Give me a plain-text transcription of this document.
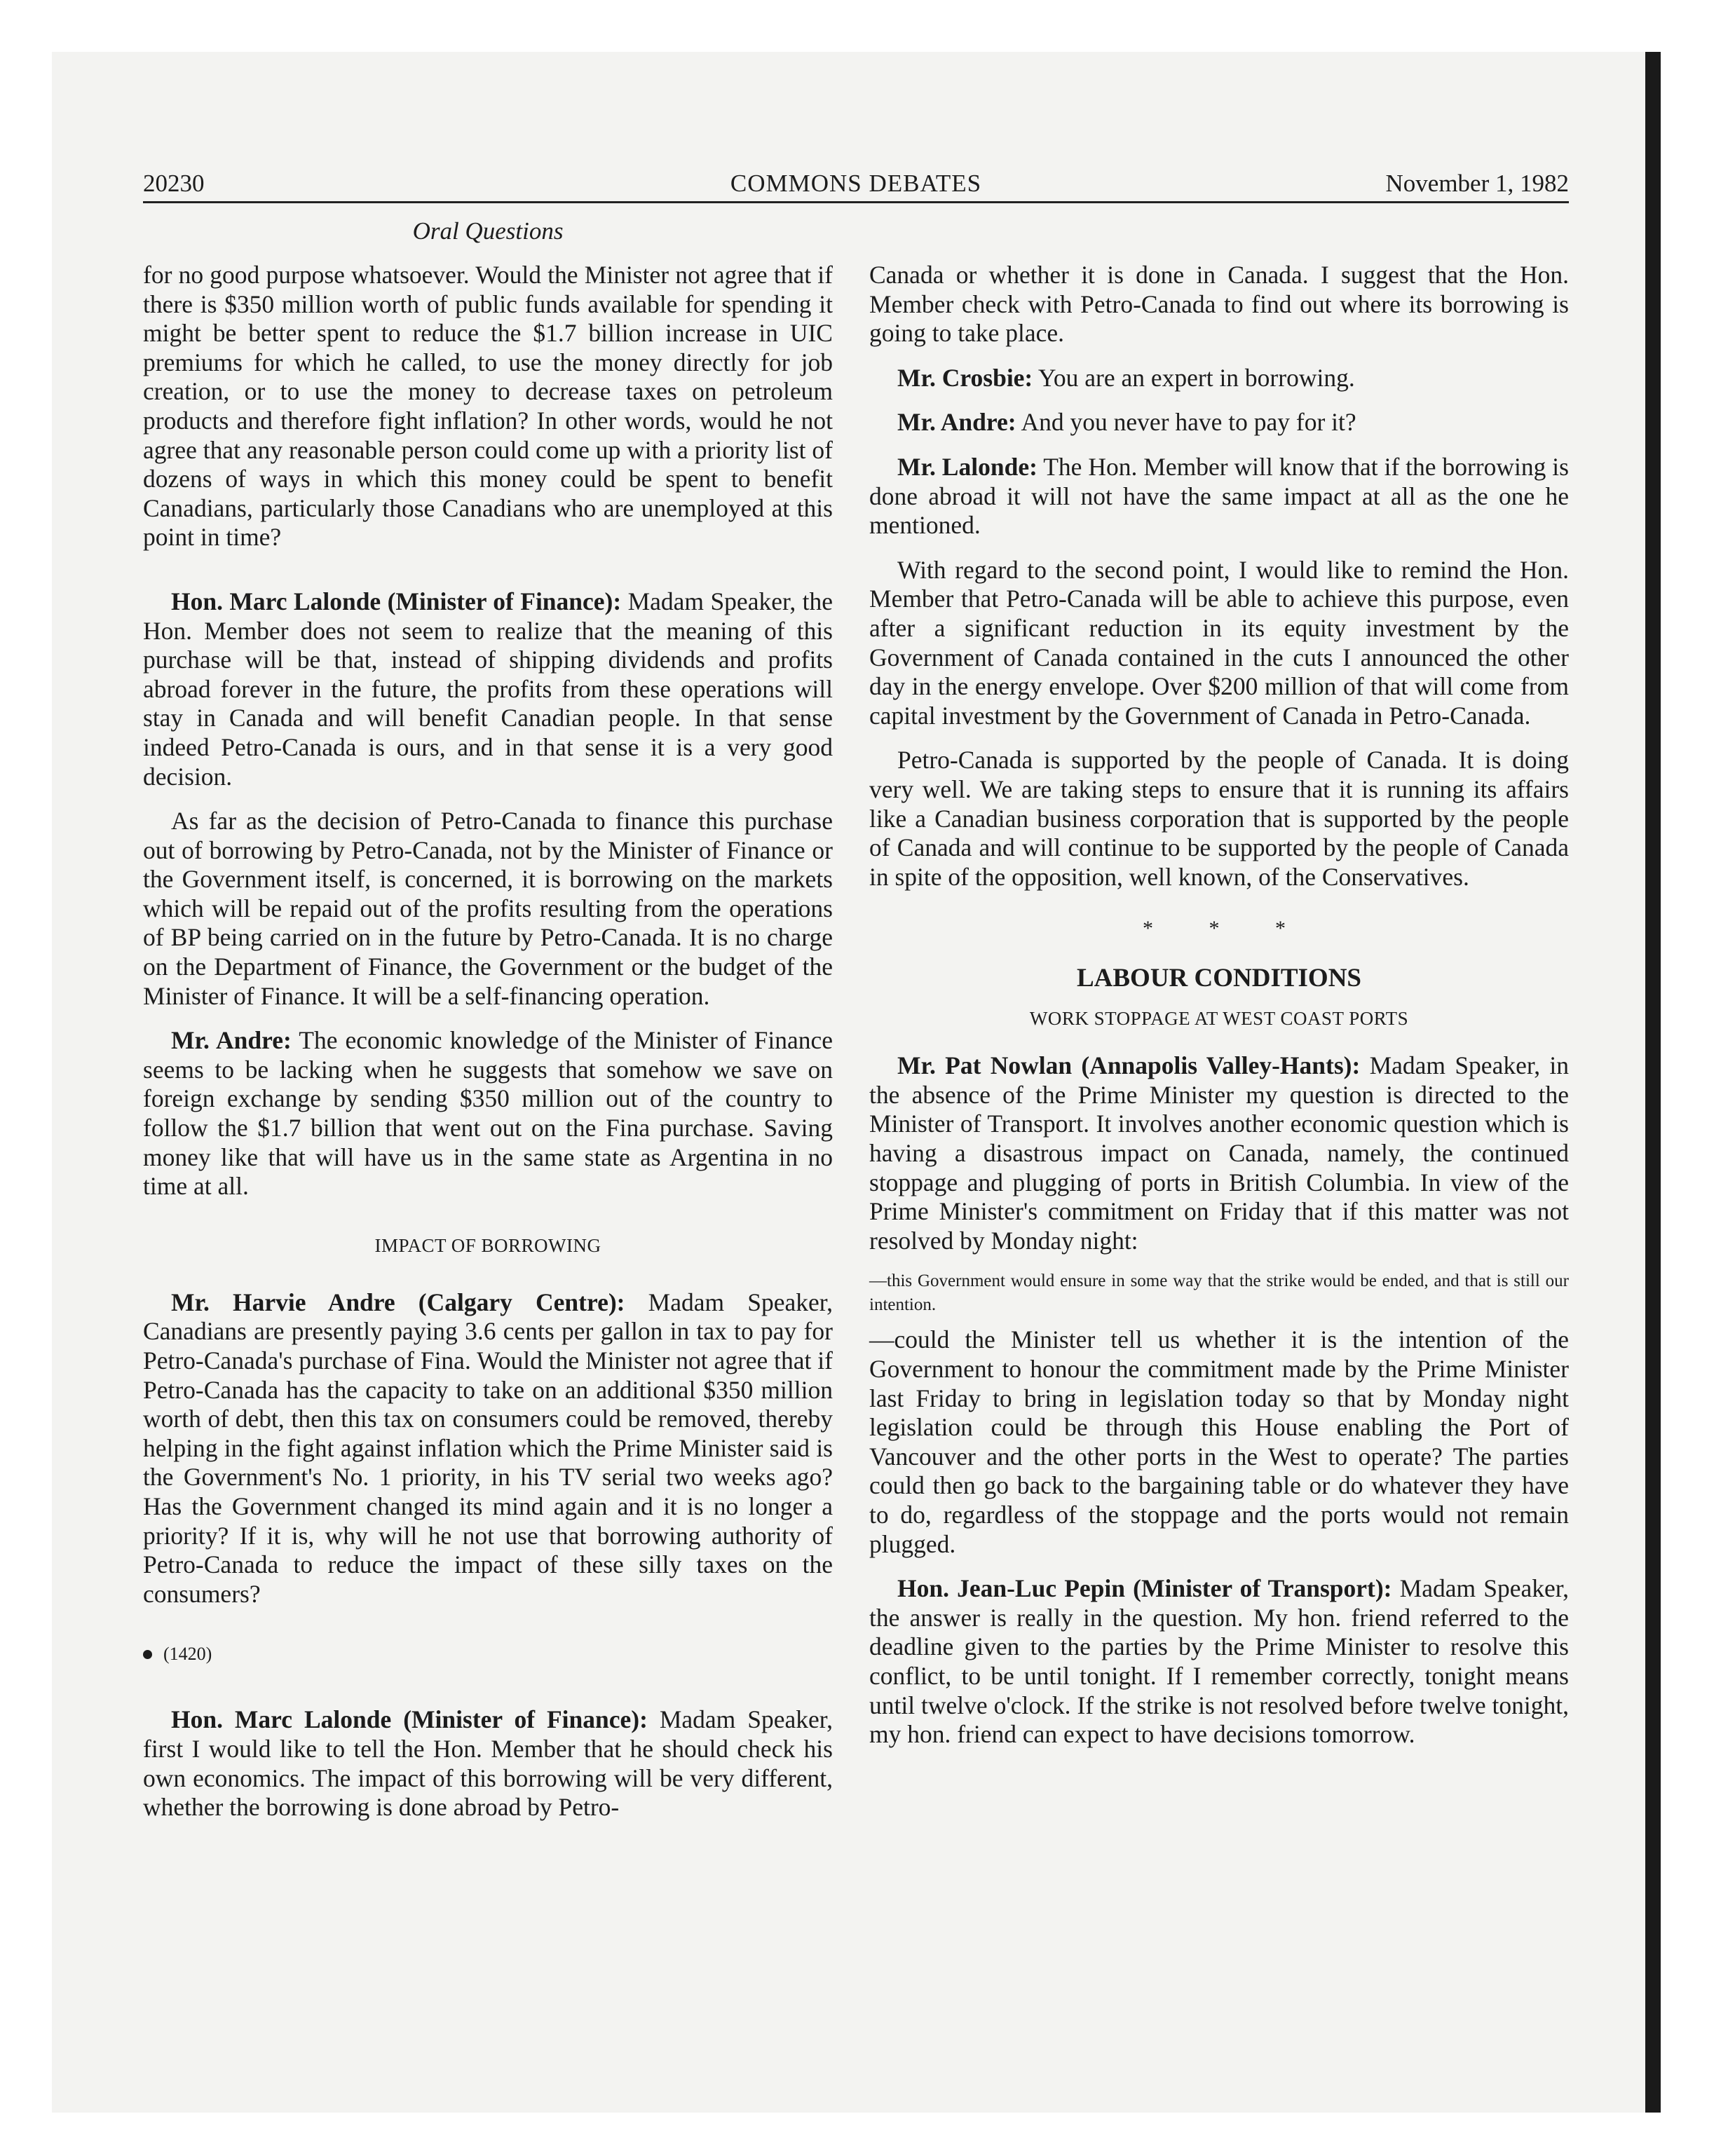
20230	COMMONS DEBATES	November 1, 1982
Oral Questions

for no good purpose whatsoever. Would the Minister not agree that if there is $350 million worth of public funds available for spending it might be better spent to reduce the $1.7 billion increase in UIC premiums for which he called, to use the money directly for job creation, or to use the money to decrease taxes on petroleum products and therefore fight inflation? In other words, would he not agree that any reasonable person could come up with a priority list of dozens of ways in which this money could be spent to benefit Canadians, particularly those Canadians who are unemployed at this point in time?

Hon. Marc Lalonde (Minister of Finance): Madam Speaker, the Hon. Member does not seem to realize that the meaning of this purchase will be that, instead of shipping dividends and profits abroad forever in the future, the profits from these operations will stay in Canada and will benefit Canadian people. In that sense indeed Petro-Canada is ours, and in that sense it is a very good decision.

As far as the decision of Petro-Canada to finance this purchase out of borrowing by Petro-Canada, not by the Minister of Finance or the Government itself, is concerned, it is borrowing on the markets which will be repaid out of the profits resulting from the operations of BP being carried on in the future by Petro-Canada. It is no charge on the Department of Finance, the Government or the budget of the Minister of Finance. It will be a self-financing operation.

Mr. Andre: The economic knowledge of the Minister of Finance seems to be lacking when he suggests that somehow we save on foreign exchange by sending $350 million out of the country to follow the $1.7 billion that went out on the Fina purchase. Saving money like that will have us in the same state as Argentina in no time at all.

IMPACT OF BORROWING

Mr. Harvie Andre (Calgary Centre): Madam Speaker, Canadians are presently paying 3.6 cents per gallon in tax to pay for Petro-Canada's purchase of Fina. Would the Minister not agree that if Petro-Canada has the capacity to take on an additional $350 million worth of debt, then this tax on consumers could be removed, thereby helping in the fight against inflation which the Prime Minister said is the Government's No. 1 priority, in his TV serial two weeks ago? Has the Government changed its mind again and it is no longer a priority? If it is, why will he not use that borrowing authority of Petro-Canada to reduce the impact of these silly taxes on the consumers?

(1420)

Hon. Marc Lalonde (Minister of Finance): Madam Speaker, first I would like to tell the Hon. Member that he should check his own economics. The impact of this borrowing will be very different, whether the borrowing is done abroad by Petro-

Canada or whether it is done in Canada. I suggest that the Hon. Member check with Petro-Canada to find out where its borrowing is going to take place.

Mr. Crosbie: You are an expert in borrowing.

Mr. Andre: And you never have to pay for it?

Mr. Lalonde: The Hon. Member will know that if the borrowing is done abroad it will not have the same impact at all as the one he mentioned.

With regard to the second point, I would like to remind the Hon. Member that Petro-Canada will be able to achieve this purpose, even after a significant reduction in its equity investment by the Government of Canada contained in the cuts I announced the other day in the energy envelope. Over $200 million of that will come from capital investment by the Government of Canada in Petro-Canada.

Petro-Canada is supported by the people of Canada. It is doing very well. We are taking steps to ensure that it is running its affairs like a Canadian business corporation that is supported by the people of Canada and will continue to be supported by the people of Canada in spite of the opposition, well known, of the Conservatives.

* * *
LABOUR CONDITIONS
WORK STOPPAGE AT WEST COAST PORTS

Mr. Pat Nowlan (Annapolis Valley-Hants): Madam Speaker, in the absence of the Prime Minister my question is directed to the Minister of Transport. It involves another economic question which is having a disastrous impact on Canada, namely, the continued stoppage and plugging of ports in British Columbia. In view of the Prime Minister's commitment on Friday that if this matter was not resolved by Monday night:

—this Government would ensure in some way that the strike would be ended, and that is still our intention.

—could the Minister tell us whether it is the intention of the Government to honour the commitment made by the Prime Minister last Friday to bring in legislation today so that by Monday night legislation could be through this House enabling the Port of Vancouver and the other ports in the West to operate? The parties could then go back to the bargaining table or do whatever they have to do, regardless of the stoppage and the ports would not remain plugged.

Hon. Jean-Luc Pepin (Minister of Transport): Madam Speaker, the answer is really in the question. My hon. friend referred to the deadline given to the parties by the Prime Minister to resolve this conflict, to be until tonight. If I remember correctly, tonight means until twelve o'clock. If the strike is not resolved before twelve tonight, my hon. friend can expect to have decisions tomorrow.
